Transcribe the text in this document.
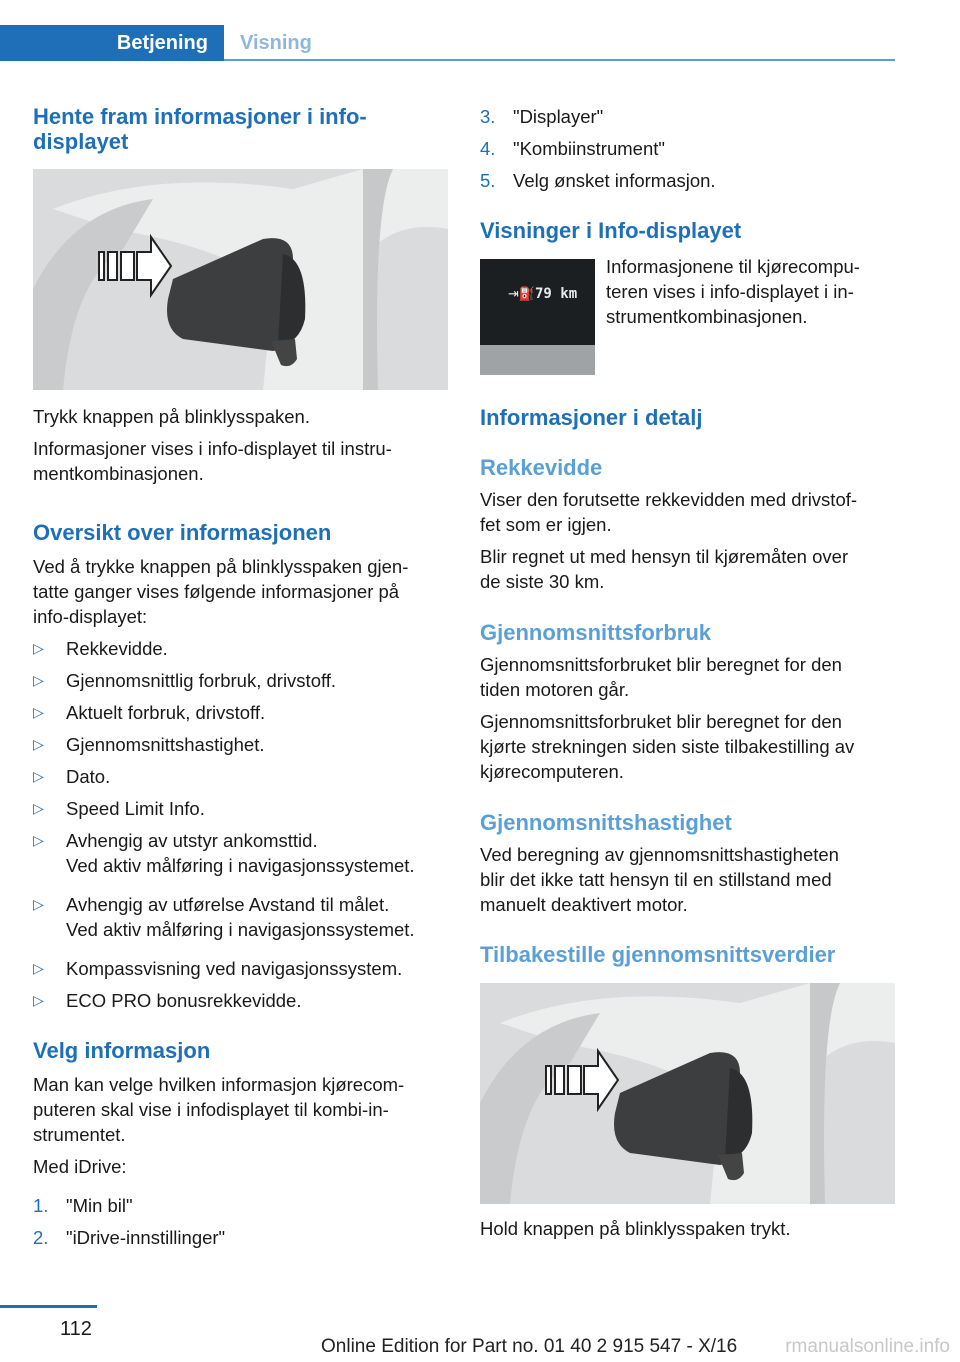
Betjening	Visning
Hente fram informasjoner i info-
displayet
Trykk knappen på blinklysspaken.
Informasjoner vises i info-displayet til instru-
mentkombinasjonen.
Oversikt over informasjonen
Ved å trykke knappen på blinklysspaken gjen-
tatte ganger vises følgende informasjoner på
info-displayet:
▷ Rekkevidde.
▷ Gjennomsnittlig forbruk, drivstoff.
▷ Aktuelt forbruk, drivstoff.
▷ Gjennomsnittshastighet.
▷ Dato.
▷ Speed Limit Info.
▷ Avhengig av utstyr ankomsttid.
Ved aktiv målføring i navigasjonssystemet.
▷ Avhengig av utførelse Avstand til målet.
Ved aktiv målføring i navigasjonssystemet.
▷ Kompassvisning ved navigasjonssystem.
▷ ECO PRO bonusrekkevidde.
Velg informasjon
Man kan velge hvilken informasjon kjørecom-
puteren skal vise i infodisplayet til kombi-in-
strumentet.
Med iDrive:
1. "Min bil"
2. "iDrive-innstillinger"
3. "Displayer"
4. "Kombiinstrument"
5. Velg ønsket informasjon.
Visninger i Info-displayet
⇥⛽ 79 km
Informasjonene til kjørecompu-
teren vises i info-displayet i in-
strumentkombinasjonen.
Informasjoner i detalj
Rekkevidde
Viser den forutsette rekkevidden med drivstof-
fet som er igjen.
Blir regnet ut med hensyn til kjøremåten over
de siste 30 km.
Gjennomsnittsforbruk
Gjennomsnittsforbruket blir beregnet for den
tiden motoren går.
Gjennomsnittsforbruket blir beregnet for den
kjørte strekningen siden siste tilbakestilling av
kjørecomputeren.
Gjennomsnittshastighet
Ved beregning av gjennomsnittshastigheten
blir det ikke tatt hensyn til en stillstand med
manuelt deaktivert motor.
Tilbakestille gjennomsnittsverdier
Hold knappen på blinklysspaken trykt.
112
Online Edition for Part no. 01 40 2 915 547 - X/16	rmanualsonline.info
